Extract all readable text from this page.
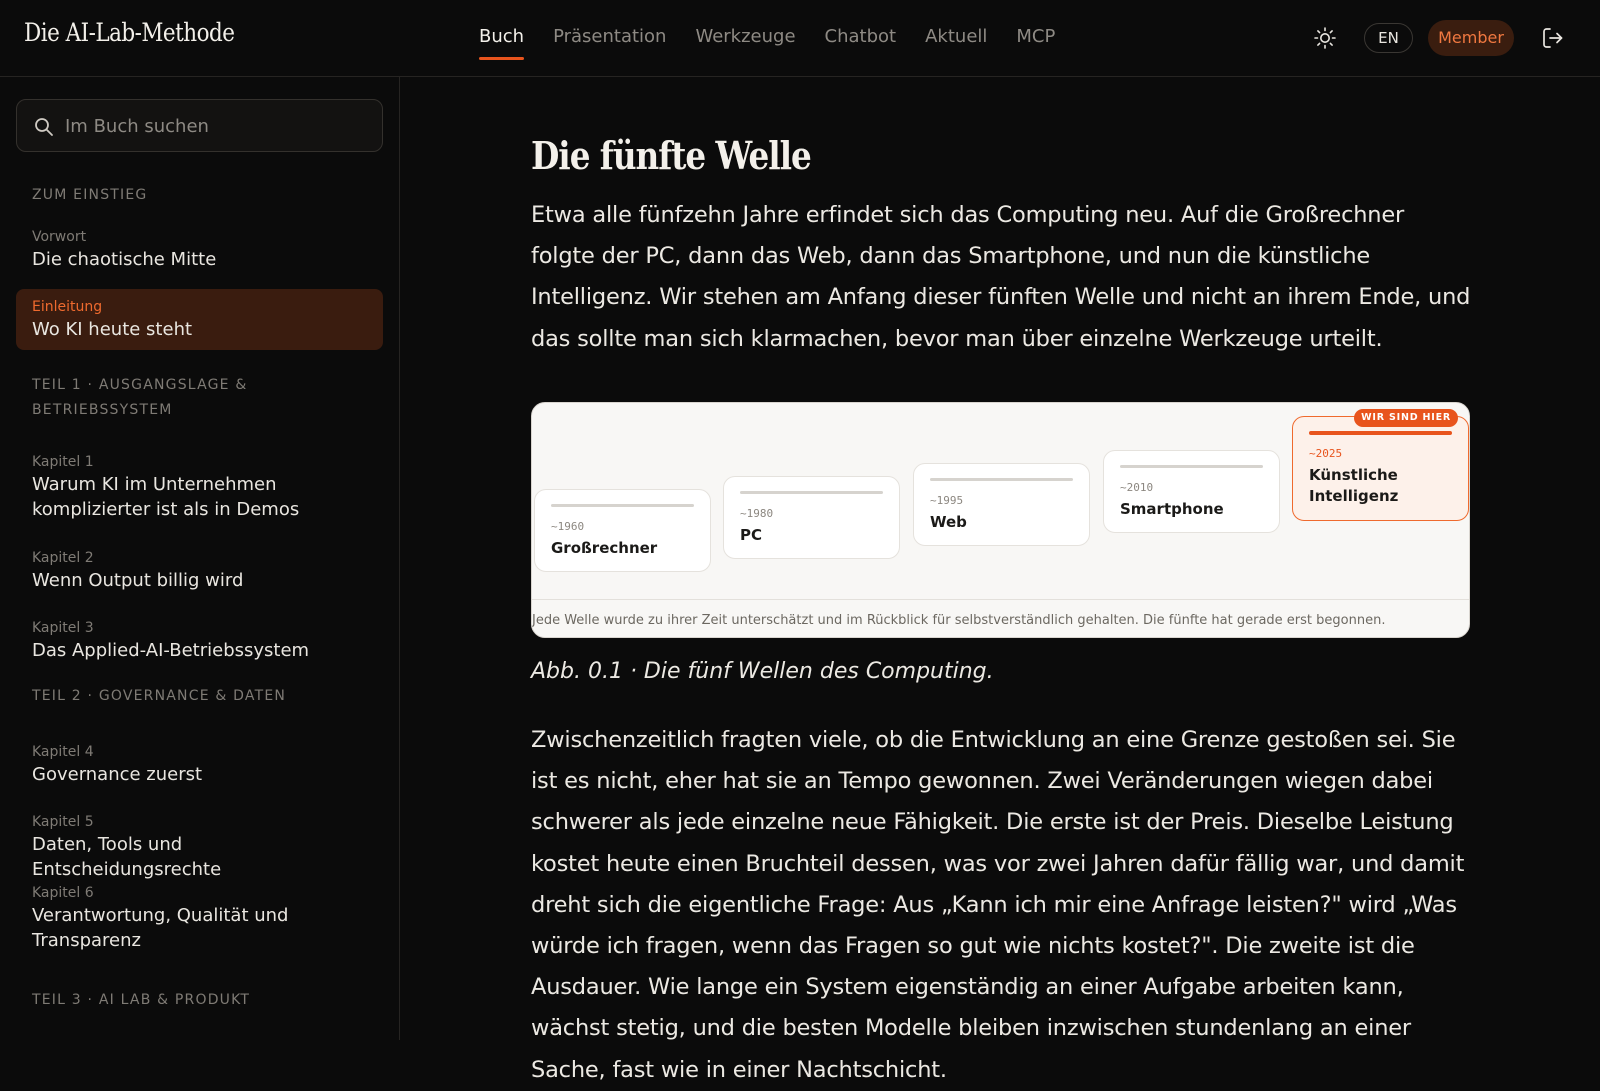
Die AI-Lab-Methode	Buch Präsentation Werkzeuge Chatbot Aktuell MCP	EN	Member
Im Buch suchen
ZUM EINSTIEG
Vorwort
Die chaotische Mitte
Einleitung
Wo KI heute steht
TEIL 1 · AUSGANGSLAGE & BETRIEBSSYSTEM
Kapitel 1
Warum KI im Unternehmen komplizierter ist als in Demos
Kapitel 2
Wenn Output billig wird
Kapitel 3
Das Applied-AI-Betriebssystem
TEIL 2 · GOVERNANCE & DATEN
Kapitel 4
Governance zuerst
Kapitel 5
Daten, Tools und Entscheidungsrechte
Kapitel 6
Verantwortung, Qualität und Transparenz
TEIL 3 · AI LAB & PRODUKT
Die fünfte Welle

Etwa alle fünfzehn Jahre erfindet sich das Computing neu. Auf die Großrechner folgte der PC, dann das Web, dann das Smartphone, und nun die künstliche Intelligenz. Wir stehen am Anfang dieser fünften Welle und nicht an ihrem Ende, und das sollte man sich klarmachen, bevor man über einzelne Werkzeuge urteilt.

~1960
Großrechner
~1980
PC
~1995
Web
~2010
Smartphone
WIR SIND HIER
~2025
Künstliche Intelligenz
Jede Welle wurde zu ihrer Zeit unterschätzt und im Rückblick für selbstverständlich gehalten. Die fünfte hat gerade erst begonnen.
Abb. 0.1 · Die fünf Wellen des Computing.

Zwischenzeitlich fragten viele, ob die Entwicklung an eine Grenze gestoßen sei. Sie ist es nicht, eher hat sie an Tempo gewonnen. Zwei Veränderungen wiegen dabei schwerer als jede einzelne neue Fähigkeit. Die erste ist der Preis. Dieselbe Leistung kostet heute einen Bruchteil dessen, was vor zwei Jahren dafür fällig war, und damit dreht sich die eigentliche Frage: Aus „Kann ich mir eine Anfrage leisten?" wird „Was würde ich fragen, wenn das Fragen so gut wie nichts kostet?". Die zweite ist die Ausdauer. Wie lange ein System eigenständig an einer Aufgabe arbeiten kann, wächst stetig, und die besten Modelle bleiben inzwischen stundenlang an einer Sache, fast wie in einer Nachtschicht.
